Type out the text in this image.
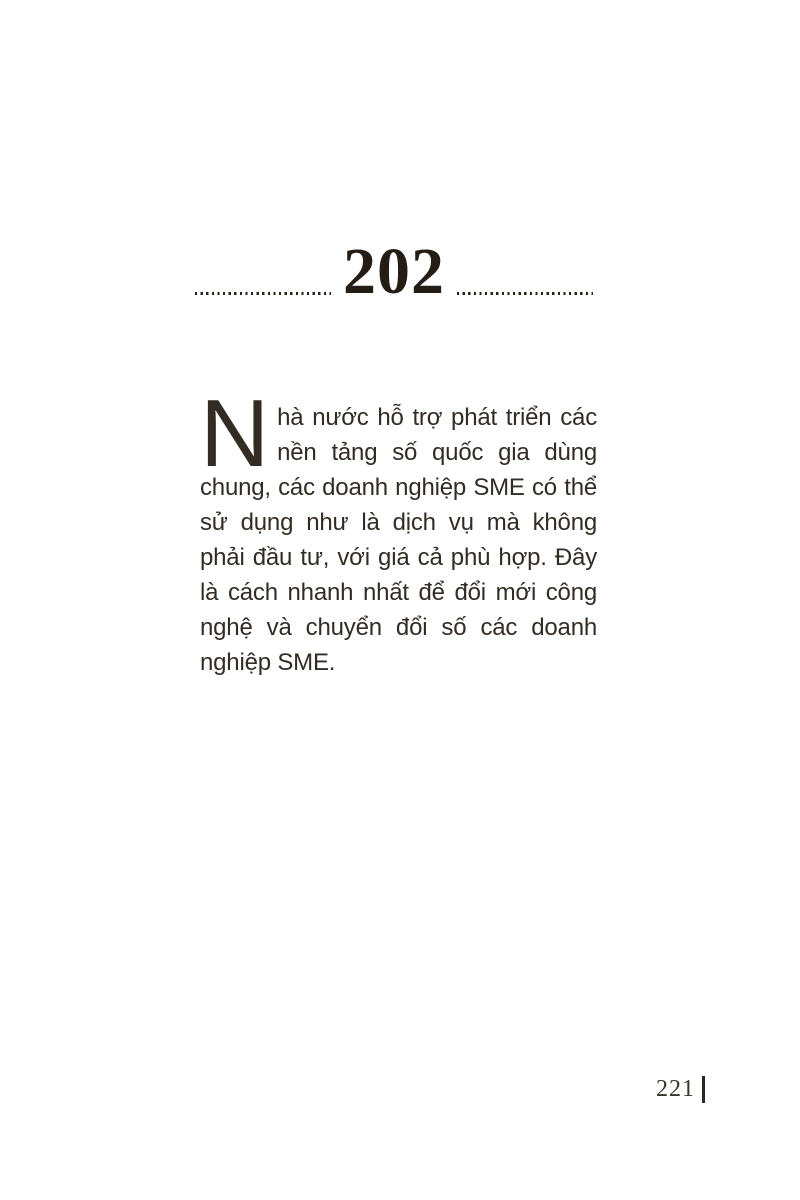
202

Nhà nước hỗ trợ phát triển các nền tảng số quốc gia dùng chung, các doanh nghiệp SME có thể sử dụng như là dịch vụ mà không phải đầu tư, với giá cả phù hợp. Đây là cách nhanh nhất để đổi mới công nghệ và chuyển đổi số các doanh nghiệp SME.

221
